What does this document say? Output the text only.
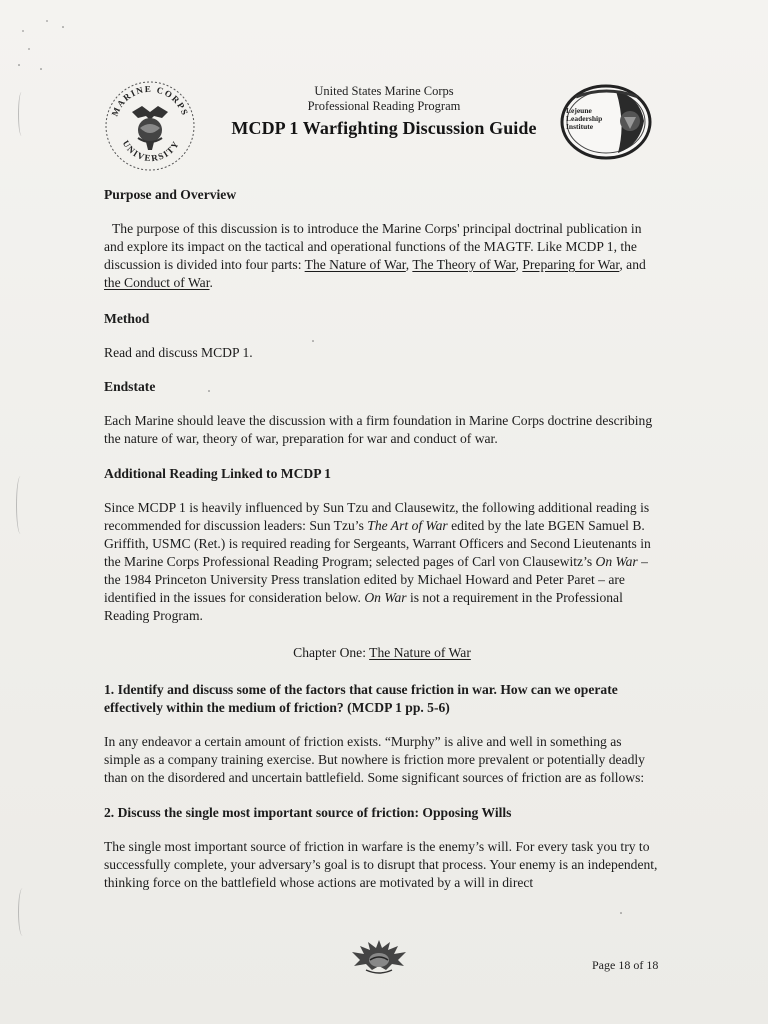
MARINE CORPS
UNIVERSITY
Lejeune Leadership Institute
United States Marine Corps
Professional Reading Program
MCDP 1 Warfighting Discussion Guide

Purpose and Overview

The purpose of this discussion is to introduce the Marine Corps' principal doctrinal publication in and explore its impact on the tactical and operational functions of the MAGTF. Like MCDP 1, the discussion is divided into four parts: The Nature of War, The Theory of War, Preparing for War, and the Conduct of War.

Method

Read and discuss MCDP 1.

Endstate

Each Marine should leave the discussion with a firm foundation in Marine Corps doctrine describing the nature of war, theory of war, preparation for war and conduct of war.

Additional Reading Linked to MCDP 1

Since MCDP 1 is heavily influenced by Sun Tzu and Clausewitz, the following additional reading is recommended for discussion leaders: Sun Tzu’s The Art of War edited by the late BGEN Samuel B. Griffith, USMC (Ret.) is required reading for Sergeants, Warrant Officers and Second Lieutenants in the Marine Corps Professional Reading Program; selected pages of Carl von Clausewitz’s On War – the 1984 Princeton University Press translation edited by Michael Howard and Peter Paret – are identified in the issues for consideration below. On War is not a requirement in the Professional Reading Program.

Chapter One: The Nature of War

1. Identify and discuss some of the factors that cause friction in war. How can we operate effectively within the medium of friction? (MCDP 1 pp. 5-6)

In any endeavor a certain amount of friction exists. “Murphy” is alive and well in something as simple as a company training exercise. But nowhere is friction more prevalent or potentially deadly than on the disordered and uncertain battlefield. Some significant sources of friction are as follows:

2. Discuss the single most important source of friction: Opposing Wills

The single most important source of friction in warfare is the enemy’s will. For every task you try to successfully complete, your adversary’s goal is to disrupt that process. Your enemy is an independent, thinking force on the battlefield whose actions are motivated by a will in direct

Page 18 of 18
